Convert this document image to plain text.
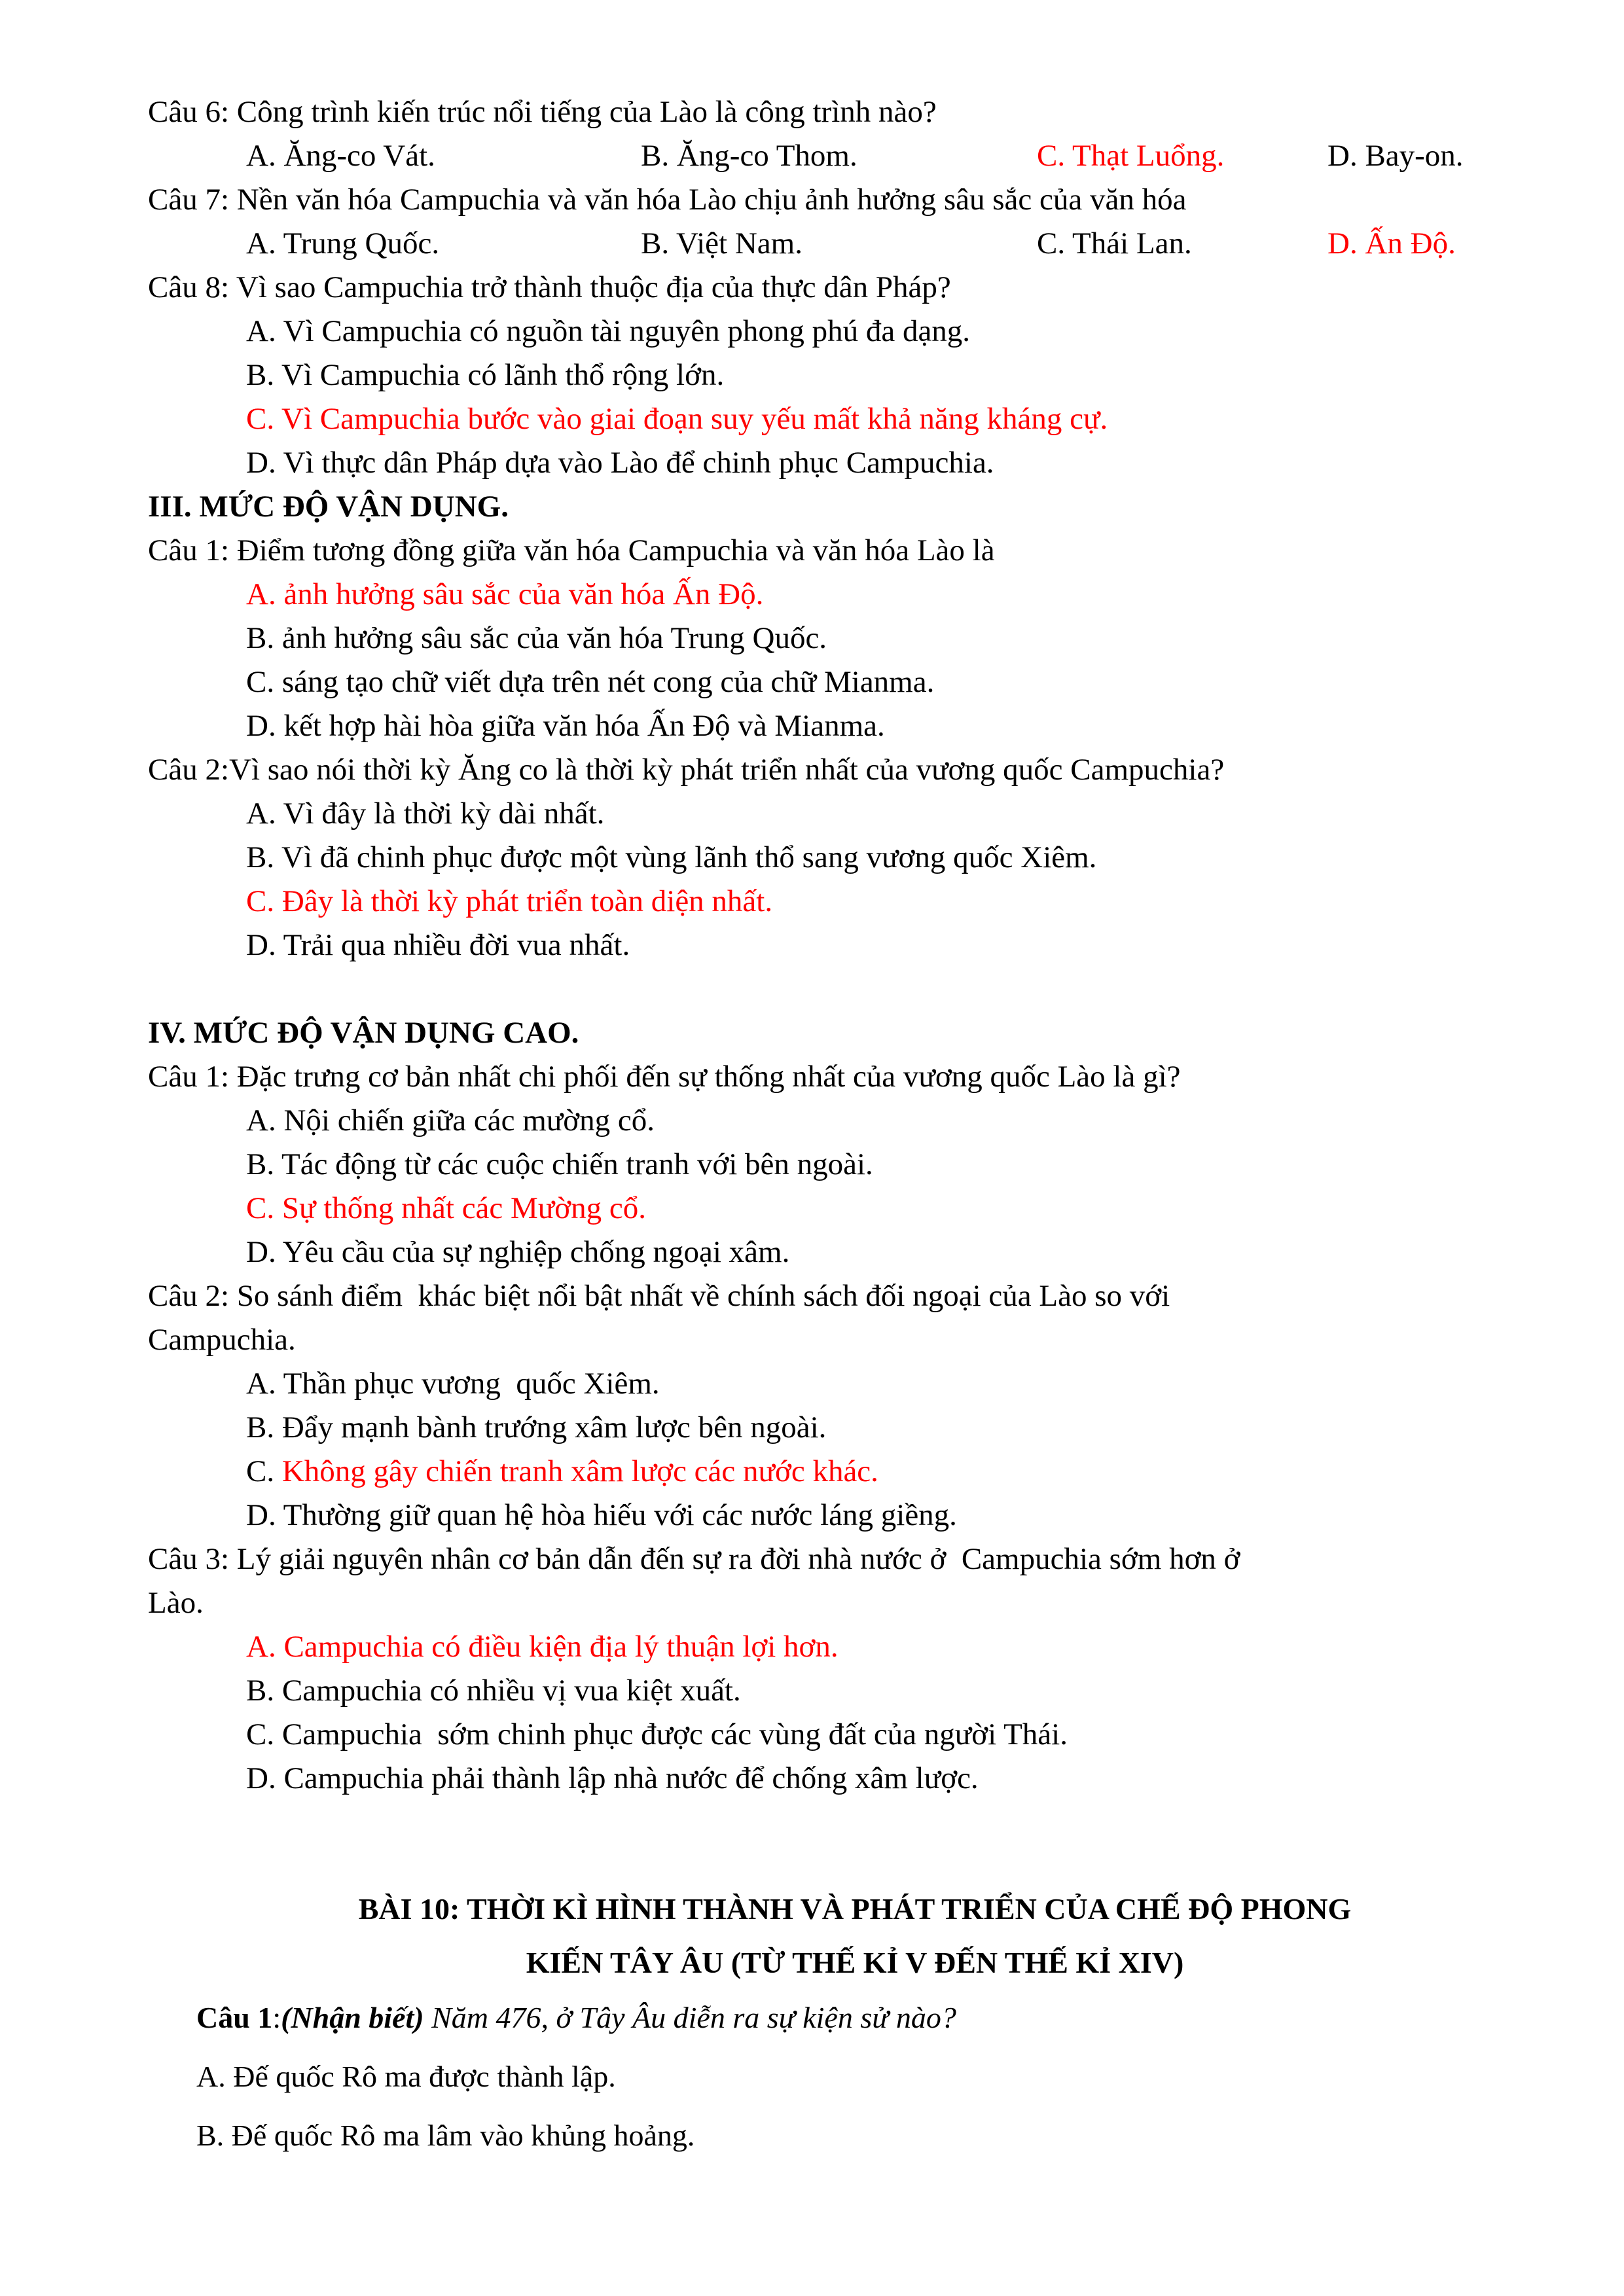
Câu 6: Công trình kiến trúc nổi tiếng của Lào là công trình nào?

A. Ăng-co Vát.

	B. Ăng-co Thom.

	C. Thạt Luổng.

	D. Bay-on.

Câu 7: Nền văn hóa Campuchia và văn hóa Lào chịu ảnh hưởng sâu sắc của văn hóa

A. Trung Quốc.

	B. Việt Nam.

	C. Thái Lan.

	D. Ấn Độ.

Câu 8: Vì sao Campuchia trở thành thuộc địa của thực dân Pháp?
A. Vì Campuchia có nguồn tài nguyên phong phú đa dạng.
B. Vì Campuchia có lãnh thổ rộng lớn.
C. Vì Campuchia bước vào giai đoạn suy yếu mất khả năng kháng cự.
D. Vì thực dân Pháp dựa vào Lào để chinh phục Campuchia.
III. MỨC ĐỘ VẬN DỤNG.
Câu 1: Điểm tương đồng giữa văn hóa Campuchia và văn hóa Lào là
A. ảnh hưởng sâu sắc của văn hóa Ấn Độ.
B. ảnh hưởng sâu sắc của văn hóa Trung Quốc.
C. sáng tạo chữ viết dựa trên nét cong của chữ Mianma.
D. kết hợp hài hòa giữa văn hóa Ấn Độ và Mianma.
Câu 2:Vì sao nói thời kỳ Ăng co là thời kỳ phát triển nhất của vương quốc Campuchia?
A. Vì đây là thời kỳ dài nhất.
B. Vì đã chinh phục được một vùng lãnh thổ sang vương quốc Xiêm.
C. Đây là thời kỳ phát triển toàn diện nhất.
D. Trải qua nhiều đời vua nhất.
IV. MỨC ĐỘ VẬN DỤNG CAO.
Câu 1: Đặc trưng cơ bản nhất chi phối đến sự thống nhất của vương quốc Lào là gì?
A. Nội chiến giữa các mường cổ.
B. Tác động từ các cuộc chiến tranh với bên ngoài.
C. Sự thống nhất các Mường cổ.
D. Yêu cầu của sự nghiệp chống ngoại xâm.
Câu 2: So sánh điểm  khác biệt nổi bật nhất về chính sách đối ngoại của Lào so với
Campuchia.
A. Thần phục vương  quốc Xiêm.
B. Đẩy mạnh bành trướng xâm lược bên ngoài.
C. Không gây chiến tranh xâm lược các nước khác.
D. Thường giữ quan hệ hòa hiếu với các nước láng giềng.
Câu 3: Lý giải nguyên nhân cơ bản dẫn đến sự ra đời nhà nước ở  Campuchia sớm hơn ở
Lào.
A. Campuchia có điều kiện địa lý thuận lợi hơn.
B. Campuchia có nhiều vị vua kiệt xuất.
C. Campuchia  sớm chinh phục được các vùng đất của người Thái.
D. Campuchia phải thành lập nhà nước để chống xâm lược.
BÀI 10: THỜI KÌ HÌNH THÀNH VÀ PHÁT TRIỂN CỦA CHẾ ĐỘ PHONG
KIẾN TÂY ÂU (TỪ THẾ KỈ V ĐẾN THẾ KỈ XIV)
Câu 1:(Nhận biết) Năm 476, ở Tây Âu diễn ra sự kiện sử nào?
A. Đế quốc Rô ma được thành lập.
B. Đế quốc Rô ma lâm vào khủng hoảng.
